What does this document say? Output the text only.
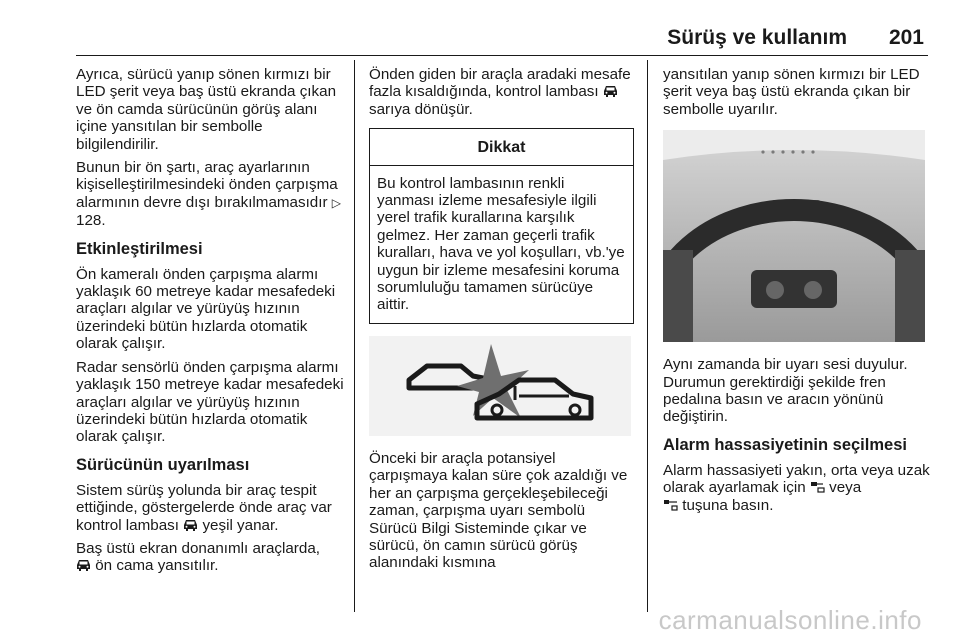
Sürüş ve kullanım 201

Ayrıca, sürücü yanıp sönen kırmızı bir LED şerit veya baş üstü ekranda çıkan ve ön camda sürücünün görüş alanı içine yansıtılan bir sembolle bilgilendirilir.

Bunun bir ön şartı, araç ayarlarının kişiselleştirilmesindeki önden çarpışma alarmının devre dışı bırakılmamasıdır ▷ 128.

Etkinleştirilmesi

Ön kameralı önden çarpışma alarmı yaklaşık 60 metreye kadar mesafedeki araçları algılar ve yürüyüş hızının üzerindeki bütün hızlarda otomatik olarak çalışır.

Radar sensörlü önden çarpışma alarmı yaklaşık 150 metreye kadar mesafedeki araçları algılar ve yürüyüş hızının üzerindeki bütün hızlarda otomatik olarak çalışır.

Sürücünün uyarılması

Sistem sürüş yolunda bir araç tespit ettiğinde, göstergelerde önde araç var kontrol lambası yeşil yanar.

Baş üstü ekran donanımlı araçlarda,

ön cama yansıtılır.

Önden giden bir araçla aradaki mesafe fazla kısaldığında, kontrol lambası
sarıya dönüşür.

Dikkat
Bu kontrol lambasının renkli yanması izleme mesafesiyle ilgili yerel trafik kurallarına karşılık gelmez. Her zaman geçerli trafik kuralları, hava ve yol koşulları, vb.'ye uygun bir izleme mesafesini koruma sorumluluğu tamamen sürücüye aittir.

Önceki bir araçla potansiyel çarpışmaya kalan süre çok azaldığı ve her an çarpışma gerçekleşebileceği zaman, çarpışma uyarı sembolü Sürücü Bilgi Sisteminde çıkar ve sürücü, ön camın sürücü görüş alanındaki kısmına

yansıtılan yanıp sönen kırmızı bir LED şerit veya baş üstü ekranda çıkan bir sembolle uyarılır.

Aynı zamanda bir uyarı sesi duyulur. Durumun gerektirdiği şekilde fren pedalına basın ve aracın yönünü değiştirin.

Alarm hassasiyetinin seçilmesi

Alarm hassasiyeti yakın, orta veya uzak olarak ayarlamak için veya

tuşuna basın.

carmanualsonline.info
